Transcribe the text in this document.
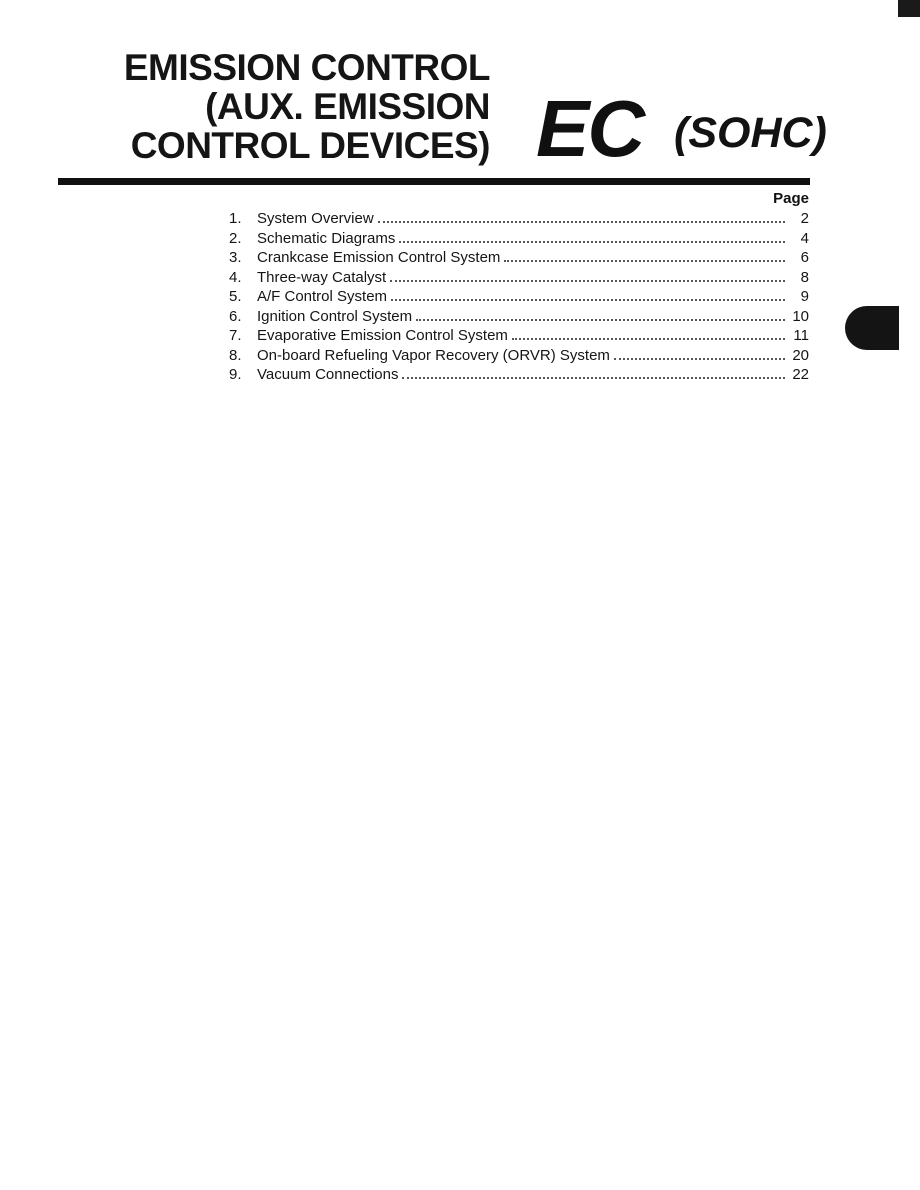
EMISSION CONTROL
(AUX. EMISSION
CONTROL DEVICES) EC (SOHC)
Page
1.	System Overview	2
2.	Schematic Diagrams	4
3.	Crankcase Emission Control System	6
4.	Three-way Catalyst	8
5.	A/F Control System	9
6.	Ignition Control System	10
7.	Evaporative Emission Control System	11
8.	On-board Refueling Vapor Recovery (ORVR) System	20
9.	Vacuum Connections	22
